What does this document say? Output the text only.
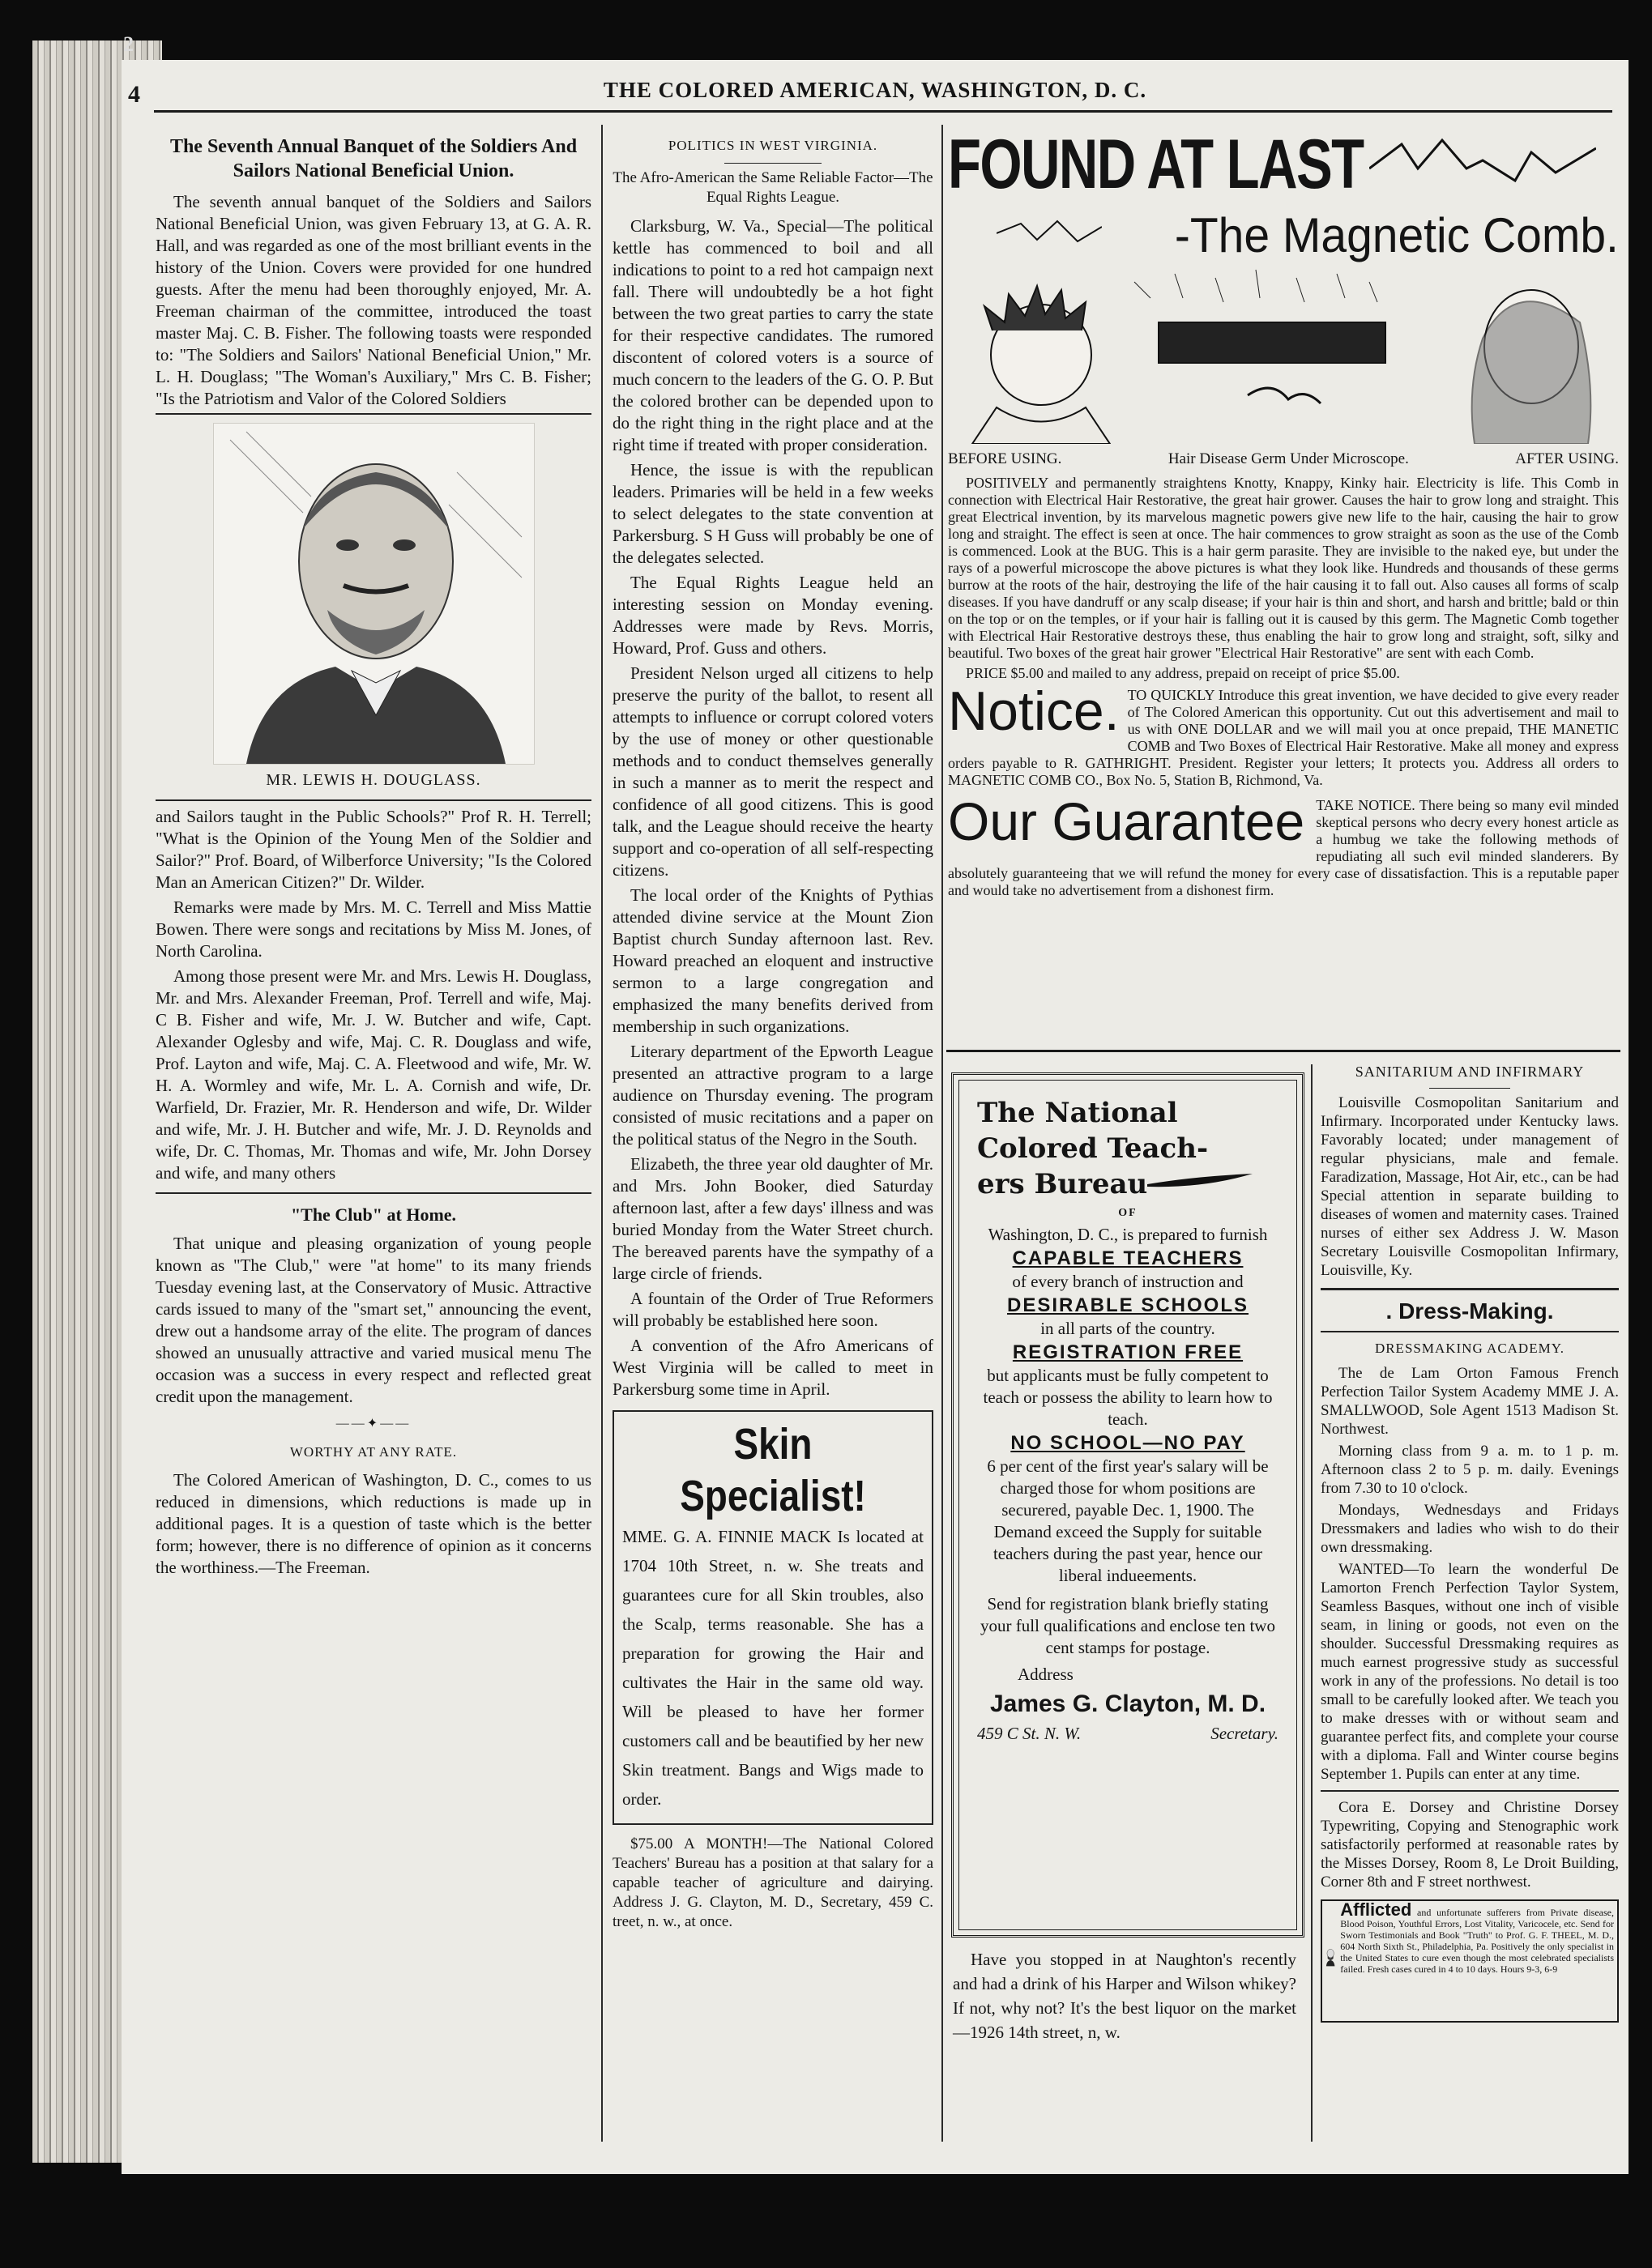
2
4	THE COLORED AMERICAN, WASHINGTON, D. C.
The Seventh Annual Banquet of the Soldiers And Sailors National Beneficial Union.

The seventh annual banquet of the Soldiers and Sailors National Beneficial Union, was given February 13, at G. A. R. Hall, and was regarded as one of the most brilliant events in the history of the Union. Covers were provided for one hundred guests. After the menu had been thoroughly enjoyed, Mr. A. Freeman chairman of the committee, introduced the toast master Maj. C. B. Fisher. The following toasts were responded to: "The Soldiers and Sailors' National Beneficial Union," Mr. L. H. Douglass; "The Woman's Auxiliary," Mrs C. B. Fisher; "Is the Patriotism and Valor of the Colored Soldiers

MR. LEWIS H. DOUGLASS.

and Sailors taught in the Public Schools?" Prof R. H. Terrell; "What is the Opinion of the Young Men of the Soldier and Sailor?" Prof. Board, of Wilberforce University; "Is the Colored Man an American Citizen?" Dr. Wilder.

Remarks were made by Mrs. M. C. Terrell and Miss Mattie Bowen. There were songs and recitations by Miss M. Jones, of North Carolina.

Among those present were Mr. and Mrs. Lewis H. Douglass, Mr. and Mrs. Alexander Freeman, Prof. Terrell and wife, Maj. C B. Fisher and wife, Mr. J. W. Butcher and wife, Capt. Alexander Oglesby and wife, Maj. C. R. Douglass and wife, Prof. Layton and wife, Maj. C. A. Fleetwood and wife, Mr. W. H. A. Wormley and wife, Mr. L. A. Cornish and wife, Dr. Warfield, Dr. Frazier, Mr. R. Henderson and wife, Dr. Wilder and wife, Mr. J. H. Butcher and wife, Mr. J. D. Reynolds and wife, Dr. C. Thomas, Mr. Thomas and wife, Mr. John Dorsey and wife, and many others

"The Club" at Home.

That unique and pleasing organization of young people known as "The Club," were "at home" to its many friends Tuesday evening last, at the Conservatory of Music. Attractive cards issued to many of the "smart set," announcing the event, drew out a handsome array of the elite. The program of dances showed an unusually attractive and varied musical menu The occasion was a success in every respect and reflected great credit upon the management.

——✦——
WORTHY AT ANY RATE.

The Colored American of Washington, D. C., comes to us reduced in dimensions, which reductions is made up in additional pages. It is a question of taste which is the better form; however, there is no difference of opinion as it concerns the worthiness.—The Freeman.

POLITICS IN WEST VIRGINIA.
The Afro-American the Same Reliable Factor—The Equal Rights League.

Clarksburg, W. Va., Special—The political kettle has commenced to boil and all indications to point to a red hot campaign next fall. There will undoubtedly be a hot fight between the two great parties to carry the state for their respective candidates. The rumored discontent of colored voters is a source of much concern to the leaders of the G. O. P. But the colored brother can be depended upon to do the right thing in the right place and at the right time if treated with proper consideration.

Hence, the issue is with the republican leaders. Primaries will be held in a few weeks to select delegates to the state convention at Parkersburg. S H Guss will probably be one of the delegates selected.

The Equal Rights League held an interesting session on Monday evening. Addresses were made by Revs. Morris, Howard, Prof. Guss and others.

President Nelson urged all citizens to help preserve the purity of the ballot, to resent all attempts to influence or corrupt colored voters by the use of money or other questionable methods and to conduct themselves generally in such a manner as to merit the respect and confidence of all good citizens. This is good talk, and the League should receive the hearty support and co-operation of all self-respecting citizens.

The local order of the Knights of Pythias attended divine service at the Mount Zion Baptist church Sunday afternoon last. Rev. Howard preached an eloquent and instructive sermon to a large congregation and emphasized the many benefits derived from membership in such organizations.

Literary department of the Epworth League presented an attractive program to a large audience on Thursday evening. The program consisted of music recitations and a paper on the political status of the Negro in the South.

Elizabeth, the three year old daughter of Mr. and Mrs. John Booker, died Saturday afternoon last, after a few days' illness and was buried Monday from the Water Street church. The bereaved parents have the sympathy of a large circle of friends.

A fountain of the Order of True Reformers will probably be established here soon.

A convention of the Afro Americans of West Virginia will be called to meet in Parkersburg some time in April.

Skin Specialist!

MME. G. A. FINNIE MACK Is located at 1704 10th Street, n. w. She treats and guarantees cure for all Skin troubles, also the Scalp, terms reasonable. She has a preparation for growing the Hair and cultivates the Hair in the same old way. Will be pleased to have her former customers call and be beautified by her new Skin treatment. Bangs and Wigs made to order.

$75.00 A MONTH!—The National Colored Teachers' Bureau has a position at that salary for a capable teacher of agriculture and dairying. Address J. G. Clayton, M. D., Secretary, 459 C. treet, n. w., at once.

FOUND AT LAST
-The Magnetic Comb.
BEFORE USING.	Hair Disease Germ Under Microscope.	AFTER USING.

POSITIVELY and permanently straightens Knotty, Knappy, Kinky hair. Electricity is life. This Comb in connection with Electrical Hair Restorative, the great hair grower. Causes the hair to grow long and straight. This great Electrical invention, by its marvelous magnetic powers give new life to the hair, causing the hair to grow long and straight. The effect is seen at once. The hair commences to grow straight as soon as the use of the Comb is commenced. Look at the BUG. This is a hair germ parasite. They are invisible to the naked eye, but under the rays of a powerful microscope the above pictures is what they look like. Hundreds and thousands of these germs burrow at the roots of the hair, destroying the life of the hair causing it to fall out. Also causes all forms of scalp diseases. If you have dandruff or any scalp disease; if your hair is thin and short, and harsh and brittle; bald or thin on the top or on the temples, or if your hair is falling out it is caused by this germ. The Magnetic Comb together with Electrical Hair Restorative destroys these, thus enabling the hair to grow long and straight, soft, silky and beautiful. Two boxes of the great hair grower "Electrical Hair Restorative" are sent with each Comb.

PRICE $5.00 and mailed to any address, prepaid on receipt of price $5.00.

Notice. TO QUICKLY Introduce this great invention, we have decided to give every reader of The Colored American this opportunity. Cut out this advertisement and mail to us with ONE DOLLAR and we will mail you at once prepaid, THE MANETIC COMB and Two Boxes of Electrical Hair Restorative. Make all money and express orders payable to R. GATHRIGHT. President. Register your letters; It protects you. Address all orders to MAGNETIC COMB CO., Box No. 5, Station B, Richmond, Va.

Our Guarantee TAKE NOTICE. There being so many evil minded skeptical persons who decry every honest article as a humbug we take the following methods of repudiating all such evil minded slanderers. By absolutely guaranteeing that we will refund the money for every case of dissatisfaction. This is a reputable paper and would take no advertisement from a dishonest firm.

The National
Colored Teach-
ers Bureau
OF
Washington, D. C., is prepared to furnish
CAPABLE TEACHERS
of every branch of instruction and
DESIRABLE SCHOOLS
in all parts of the country.
REGISTRATION FREE
but applicants must be fully competent to teach or possess the ability to learn how to teach.
NO SCHOOL—NO PAY
6 per cent of the first year's salary will be charged those for whom positions are securered, payable Dec. 1, 1900. The Demand exceed the Supply for suitable teachers during the past year, hence our liberal indueements.
Send for registration blank briefly stating your full qualifications and enclose ten two cent stamps for postage.
Address
James G. Clayton, M. D.
459 C St. N. W.	Secretary.

Have you stopped in at Naughton's recently and had a drink of his Harper and Wilson whikey? If not, why not? It's the best liquor on the market—1926 14th street, n, w.

SANITARIUM AND INFIRMARY

Louisville Cosmopolitan Sanitarium and Infirmary. Incorporated under Kentucky laws. Favorably located; under management of regular physicians, male and female. Faradization, Massage, Hot Air, etc., can be had Special attention in separate building to diseases of women and maternity cases. Trained nurses of either sex Address J. W. Mason Secretary Louisville Cosmopolitan Infirmary, Louisville, Ky.

. Dress-Making.
DRESSMAKING ACADEMY.

The de Lam Orton Famous French Perfection Tailor System Academy MME J. A. SMALLWOOD, Sole Agent 1513 Madison St. Northwest.

Morning class from 9 a. m. to 1 p. m. Afternoon class 2 to 5 p. m. daily. Evenings from 7.30 to 10 o'clock.

Mondays, Wednesdays and Fridays Dressmakers and ladies who wish to do their own dressmaking.

WANTED—To learn the wonderful De Lamorton French Perfection Taylor System, Seamless Basques, without one inch of visible seam, in lining or goods, not even on the shoulder. Successful Dressmaking requires as much earnest progressive study as successful work in any of the professions. No detail is too small to be carefully looked after. We teach you to make dresses with or without seam and guarantee perfect fits, and complete your course with a diploma. Fall and Winter course begins September 1. Pupils can enter at any time.

Cora E. Dorsey and Christine Dorsey Typewriting, Copying and Stenographic work satisfactorily performed at reasonable rates by the Misses Dorsey, Room 8, Le Droit Building, Corner 8th and F street northwest.

Afflicted and unfortunate sufferers from Private disease, Blood Poison, Youthful Errors, Lost Vitality, Varicocele, etc. Send for Sworn Testimonials and Book "Truth" to Prof. G. F. THEEL, M. D., 604 North Sixth St., Philadelphia, Pa. Positively the only specialist in the United States to cure even though the most celebrated specialists failed. Fresh cases cured in 4 to 10 days. Hours 9-3, 6-9
